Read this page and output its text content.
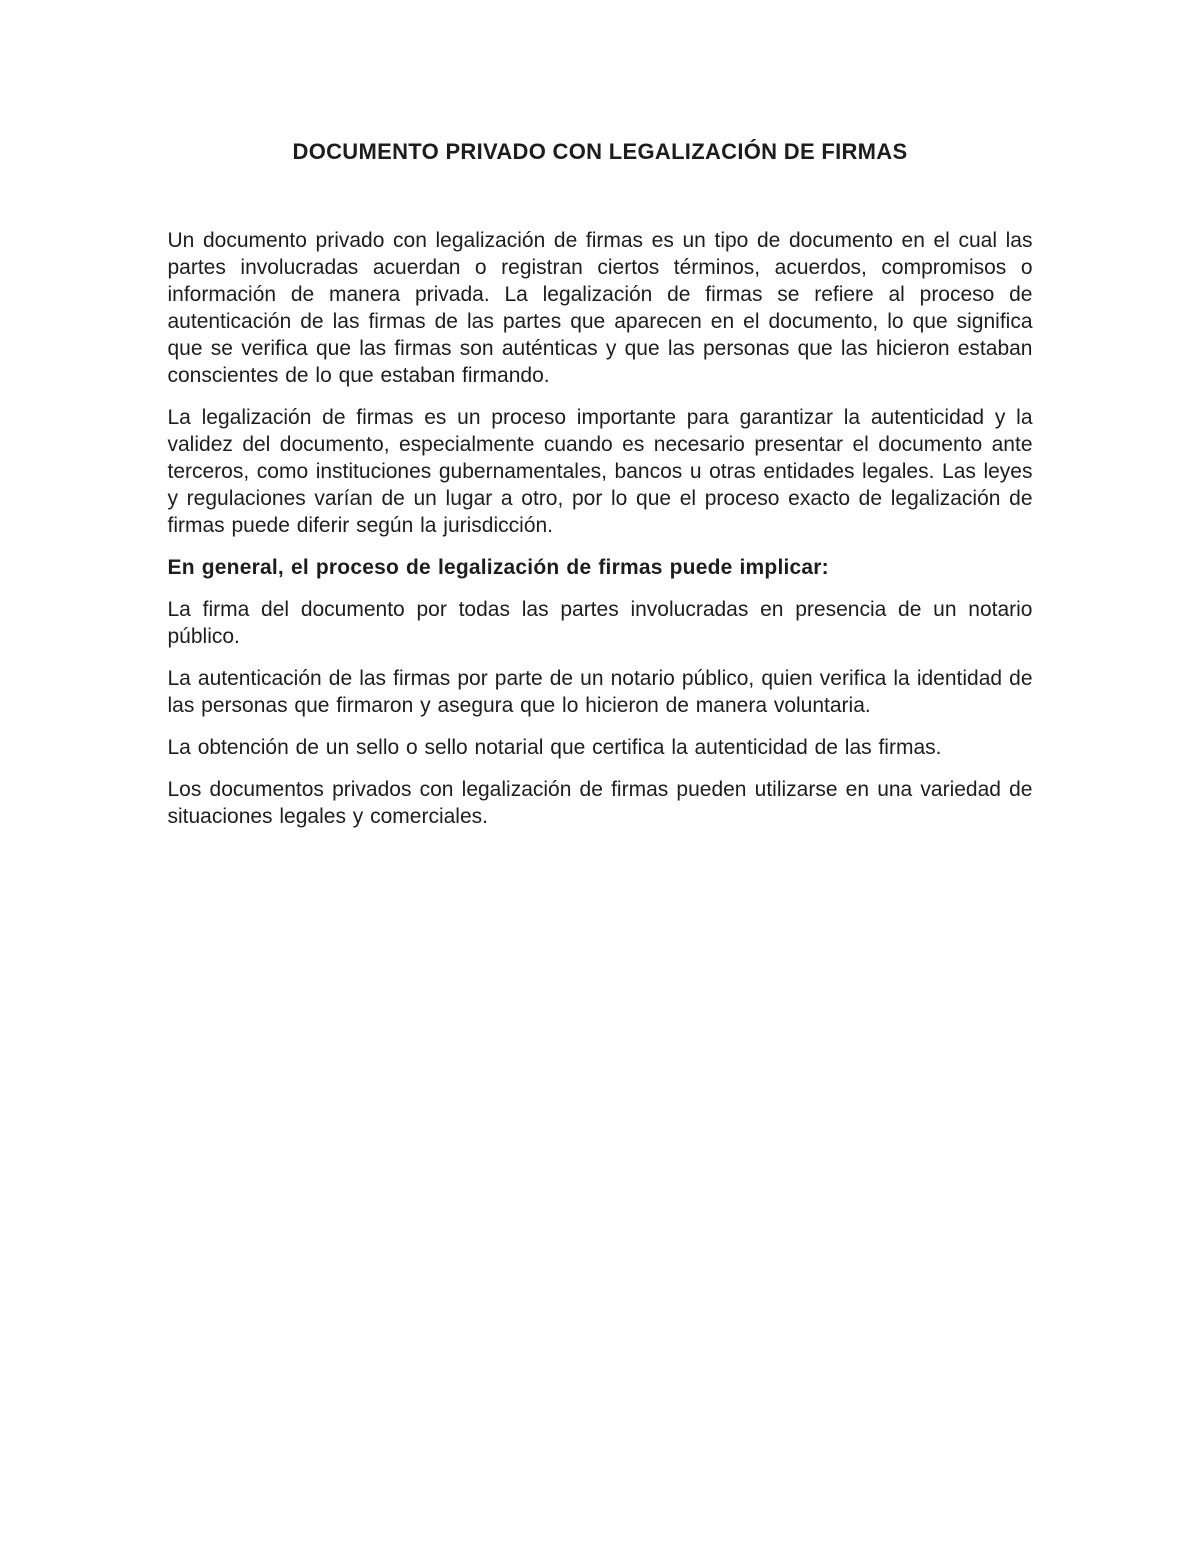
DOCUMENTO PRIVADO CON LEGALIZACIÓN DE FIRMAS

Un documento privado con legalización de firmas es un tipo de documento en el cual las partes involucradas acuerdan o registran ciertos términos, acuerdos, compromisos o información de manera privada. La legalización de firmas se refiere al proceso de autenticación de las firmas de las partes que aparecen en el documento, lo que significa que se verifica que las firmas son auténticas y que las personas que las hicieron estaban conscientes de lo que estaban firmando.

La legalización de firmas es un proceso importante para garantizar la autenticidad y la validez del documento, especialmente cuando es necesario presentar el documento ante terceros, como instituciones gubernamentales, bancos u otras entidades legales. Las leyes y regulaciones varían de un lugar a otro, por lo que el proceso exacto de legalización de firmas puede diferir según la jurisdicción.

En general, el proceso de legalización de firmas puede implicar:

La firma del documento por todas las partes involucradas en presencia de un notario público.

La autenticación de las firmas por parte de un notario público, quien verifica la identidad de las personas que firmaron y asegura que lo hicieron de manera voluntaria.

La obtención de un sello o sello notarial que certifica la autenticidad de las firmas.

Los documentos privados con legalización de firmas pueden utilizarse en una variedad de situaciones legales y comerciales.
